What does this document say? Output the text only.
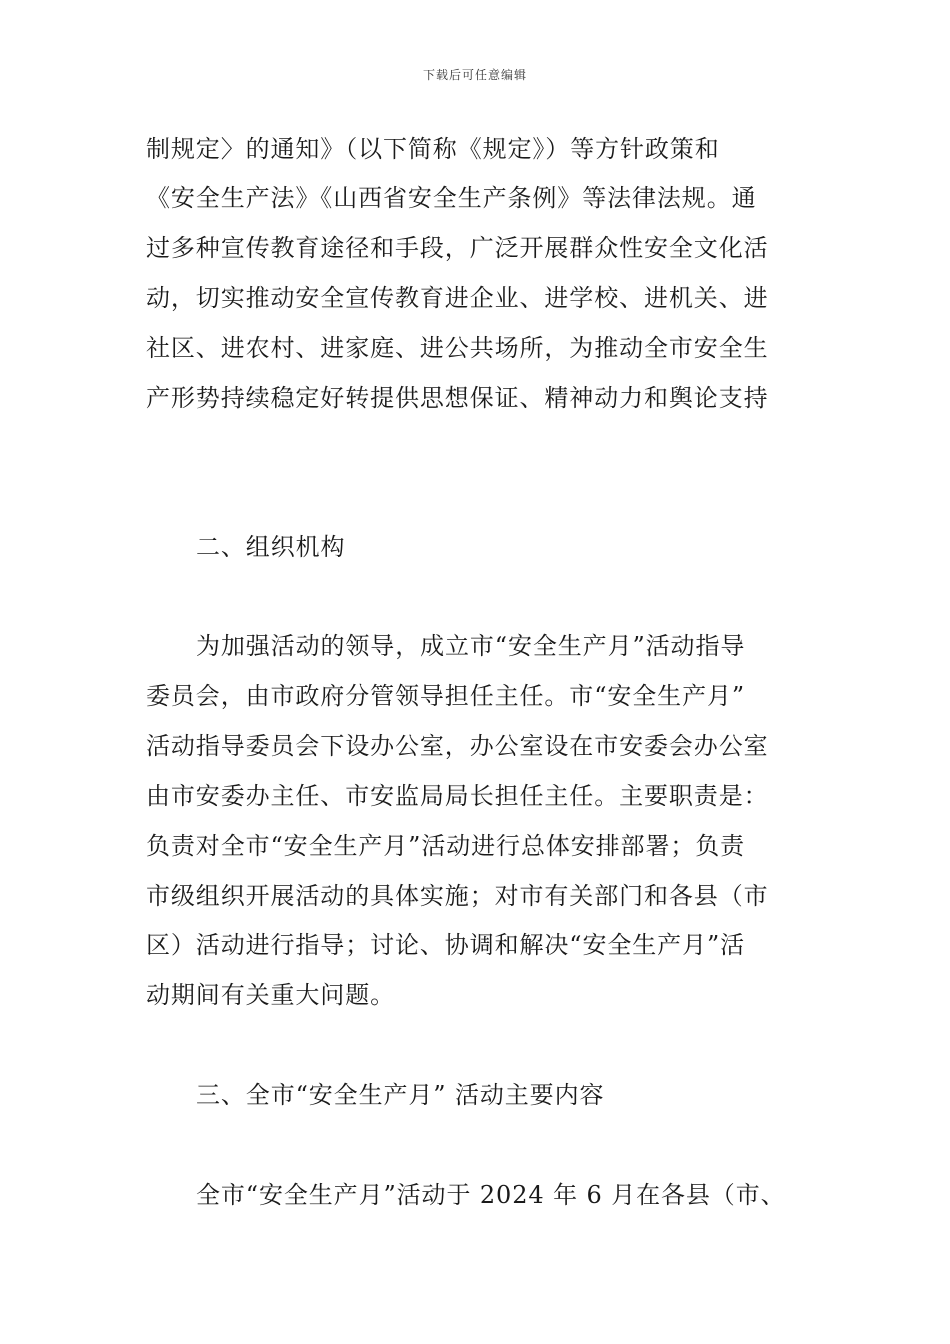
下载后可任意编辑
制规定〉的通知》（以下简称《规定》）等方针政策和
《安全生产法》《山西省安全生产条例》等法律法规。通
过多种宣传教育途径和手段，广泛开展群众性安全文化活
动，切实推动安全宣传教育进企业、进学校、进机关、进
社区、进农村、进家庭、进公共场所，为推动全市安全生
产形势持续稳定好转提供思想保证、精神动力和舆论支持
二、组织机构
为加强活动的领导，成立市“安全生产月”活动指导
委员会，由市政府分管领导担任主任。市“安全生产月”
活动指导委员会下设办公室，办公室设在市安委会办公室
由市安委办主任、市安监局局长担任主任。主要职责是：
负责对全市“安全生产月”活动进行总体安排部署；负责
市级组织开展活动的具体实施；对市有关部门和各县（市
区）活动进行指导；讨论、协调和解决“安全生产月”活
动期间有关重大问题。
三、全市“安全生产月” 活动主要内容
全市“安全生产月”活动于 2024 年 6 月在各县（市、
